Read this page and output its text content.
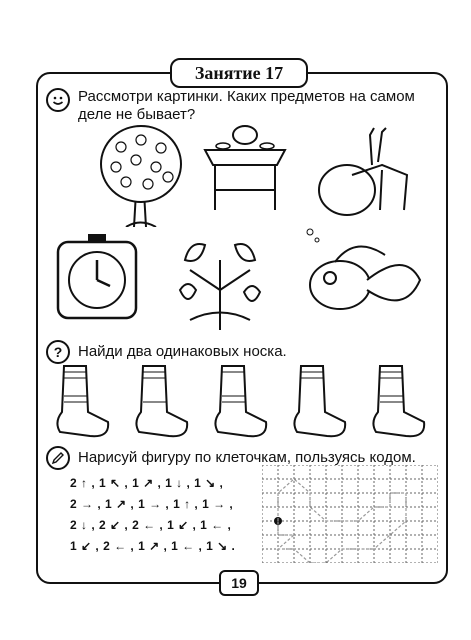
Занятие 17
Рассмотри картинки. Каких предметов на самом деле не бывает?
?	Найди два одинаковых носка.
Нарисуй фигуру по клеточкам, пользуясь кодом.
2 ↑ , 1 ↖ , 1 ↗ , 1 ↓ , 1 ↘ ,
2 → , 1 ↗ , 1 → , 1 ↑ , 1 → ,
2 ↓ , 2 ↙ , 2 ← , 1 ↙ , 1 ← ,
1 ↙ , 2 ← , 1 ↗ , 1 ← , 1 ↘ .
19
